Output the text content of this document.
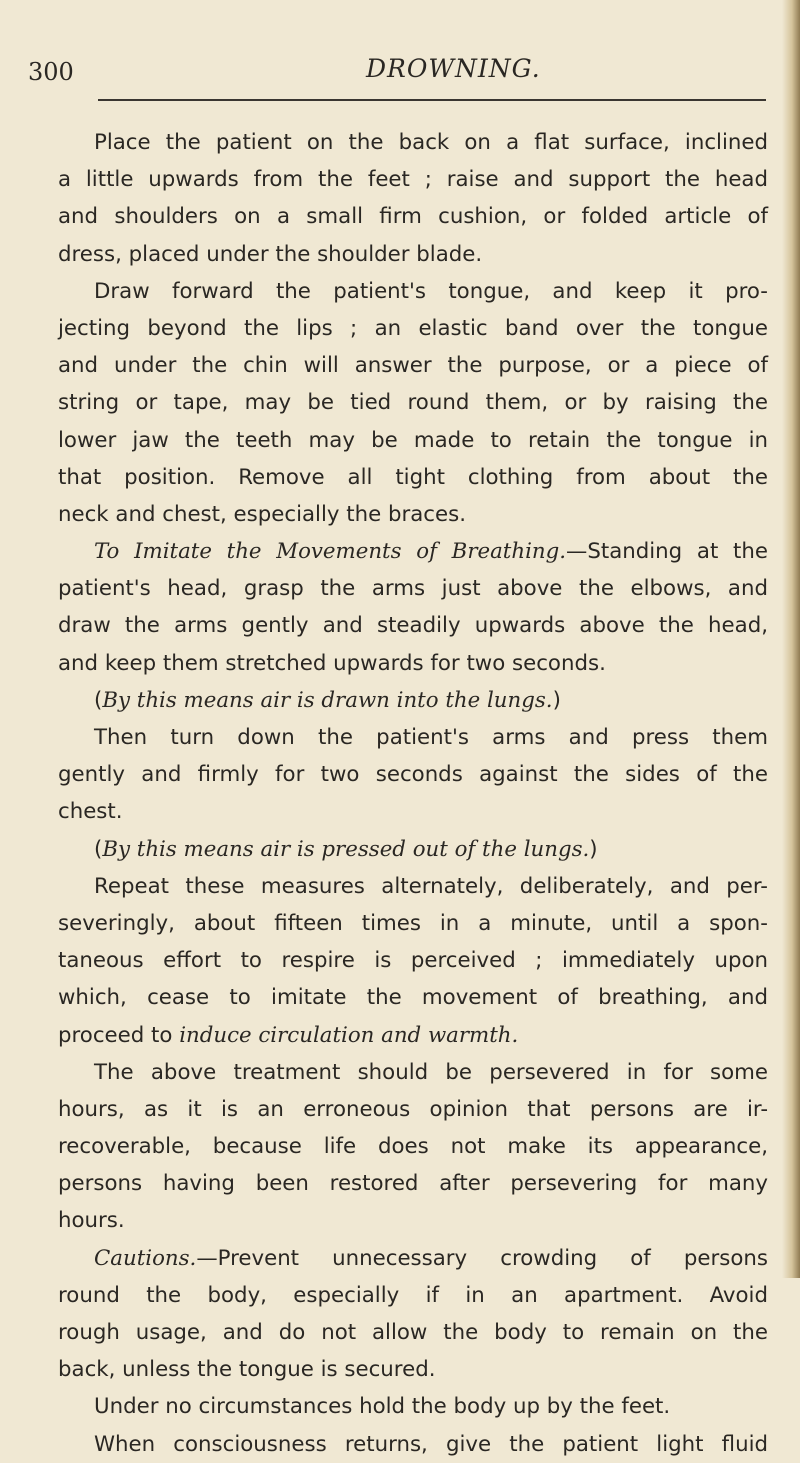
300	DROWNING.
Place the patient on the back on a flat surface, inclined
a little upwards from the feet ; raise and support the head
and shoulders on a small firm cushion, or folded article of
dress, placed under the shoulder blade.
Draw forward the patient's tongue, and keep it pro-
jecting beyond the lips ; an elastic band over the tongue
and under the chin will answer the purpose, or a piece of
string or tape, may be tied round them, or by raising the
lower jaw the teeth may be made to retain the tongue in
that position. Remove all tight clothing from about the
neck and chest, especially the braces.
To Imitate the Movements of Breathing.—Standing at the
patient's head, grasp the arms just above the elbows, and
draw the arms gently and steadily upwards above the head,
and keep them stretched upwards for two seconds.
(By this means air is drawn into the lungs.)
Then turn down the patient's arms and press them
gently and firmly for two seconds against the sides of the
chest.
(By this means air is pressed out of the lungs.)
Repeat these measures alternately, deliberately, and per-
severingly, about fifteen times in a minute, until a spon-
taneous effort to respire is perceived ; immediately upon
which, cease to imitate the movement of breathing, and
proceed to induce circulation and warmth.
The above treatment should be persevered in for some
hours, as it is an erroneous opinion that persons are ir-
recoverable, because life does not make its appearance,
persons having been restored after persevering for many
hours.
Cautions.—Prevent unnecessary crowding of persons
round the body, especially if in an apartment. Avoid
rough usage, and do not allow the body to remain on the
back, unless the tongue is secured.
Under no circumstances hold the body up by the feet.
When consciousness returns, give the patient light fluid
